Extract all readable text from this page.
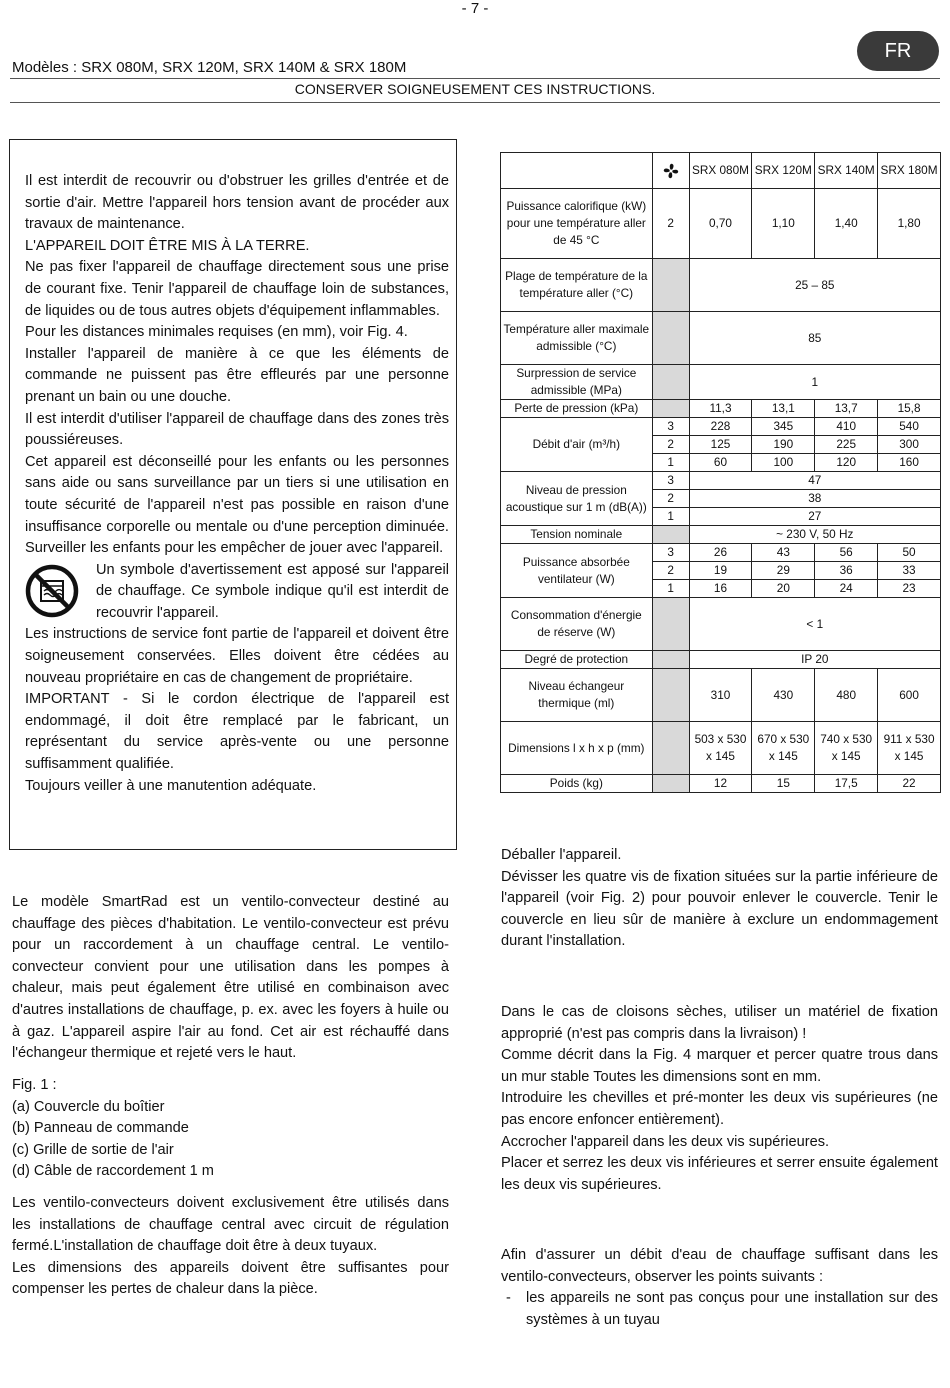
- 7 -
Modèles : SRX 080M, SRX 120M, SRX 140M & SRX 180M
FR
CONSERVER SOIGNEUSEMENT CES INSTRUCTIONS.

Il est interdit de recouvrir ou d'obstruer les grilles d'entrée et de sortie d'air. Mettre l'appareil hors tension avant de procéder aux travaux de maintenance.

L'APPAREIL DOIT ÊTRE MIS À LA TERRE.

Ne pas fixer l'appareil de chauffage directement sous une prise de courant fixe. Tenir l'appareil de chauffage loin de substances, de liquides ou de tous autres objets d'équipement inflammables.

Pour les distances minimales requises (en mm), voir Fig. 4.

Installer l'appareil de manière à ce que les éléments de commande ne puissent pas être effleurés par une personne prenant un bain ou une douche.

Il est interdit d'utiliser l'appareil de chauffage dans des zones très poussiéreuses.

Cet appareil est déconseillé pour les enfants ou les personnes sans aide ou sans surveillance par un tiers si une utilisation en toute sécurité de l'appareil n'est pas possible en raison d'une insuffisance corporelle ou mentale ou d'une perception diminuée. Surveiller les enfants pour les empêcher de jouer avec l'appareil.

Un symbole d'avertissement est apposé sur l'appareil de chauffage. Ce symbole indique qu'il est interdit de recouvrir l'appareil.

Les instructions de service font partie de l'appareil et doivent être soigneusement conservées. Elles doivent être cédées au nouveau propriétaire en cas de changement de propriétaire.

IMPORTANT - Si le cordon électrique de l'appareil est endommagé, il doit être remplacé par le fabricant, un représentant du service après-vente ou une personne suffisamment qualifiée.

Toujours veiller à une manutention adéquate.

Le modèle SmartRad est un ventilo-convecteur destiné au chauffage des pièces d'habitation. Le ventilo-convecteur est prévu pour un raccordement à un chauffage central. Le ventilo-convecteur convient pour une utilisation dans les pompes à chaleur, mais peut également être utilisé en combinaison avec d'autres installations de chauffage, p. ex. avec les foyers à huile ou à gaz. L'appareil aspire l'air au fond. Cet air est réchauffé dans l'échangeur thermique et rejeté vers le haut.

Fig. 1 :

(a) Couvercle du boîtier

(b) Panneau de commande

(c) Grille de sortie de l'air

(d) Câble de raccordement 1 m

Les ventilo-convecteurs doivent exclusivement être utilisés dans les installations de chauffage central avec circuit de régulation fermé.L'installation de chauffage doit être à deux tuyaux.

Les dimensions des appareils doivent être suffisantes pour compenser les pertes de chaleur dans la pièce.

Déballer l'appareil.

Dévisser les quatre vis de fixation situées sur la partie inférieure de l'appareil (voir Fig. 2) pour pouvoir enlever le couvercle. Tenir le couvercle en lieu sûr de manière à exclure un endommagement durant l'installation.

Dans le cas de cloisons sèches, utiliser un matériel de fixation approprié (n'est pas compris dans la livraison) !

Comme décrit dans la Fig. 4 marquer et percer quatre trous dans un mur stable Toutes les dimensions sont en mm.

Introduire les chevilles et pré-monter les deux vis supérieures (ne pas encore enfoncer entièrement).

Accrocher l'appareil dans les deux vis supérieures.

Placer et serrez les deux vis inférieures et serrer ensuite également les deux vis supérieures.

Afin d'assurer un débit d'eau de chauffage suffisant dans les ventilo-convecteurs, observer les points suivants :

-	les appareils ne sont pas conçus pour une installation sur des systèmes à un tuyau
		SRX 080M	SRX 120M	SRX 140M	SRX 180M
Puissance calorifique (kW) pour une température aller de 45 °C	2	0,70	1,10	1,40	1,80
Plage de température de la température aller (°C)		25 – 85			
Température aller maximale admissible (°C)		85			
Surpression de service admissible (MPa)		1			
Perte de pression (kPa)		11,3	13,1	13,7	15,8
Débit d'air (m³/h)	3	228	345	410	540
	2	125	190	225	300
	1	60	100	120	160
Niveau de pression acoustique sur 1 m (dB(A))	3	47			
	2	38			
	1	27			
Tension nominale		~ 230 V, 50 Hz			
Puissance absorbée ventilateur (W)	3	26	43	56	50
	2	19	29	36	33
	1	16	20	24	23
Consommation d'énergie de réserve (W)		< 1			
Degré de protection		IP 20			
Niveau échangeur thermique (ml)		310	430	480	600
Dimensions l x h x p (mm)		503 x 530 x 145	670 x 530 x 145	740 x 530 x 145	911 x 530 x 145
Poids (kg)		12	15	17,5	22
